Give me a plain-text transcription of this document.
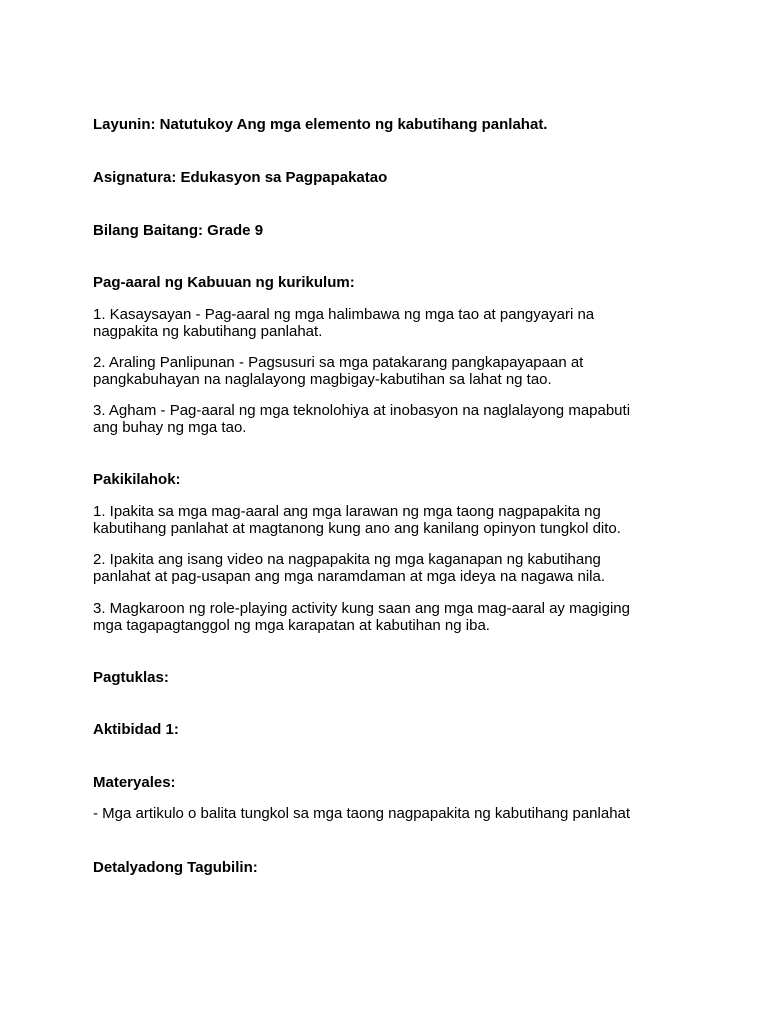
Layunin: Natutukoy Ang mga elemento ng kabutihang panlahat.

Asignatura: Edukasyon sa Pagpapakatao

Bilang Baitang: Grade 9

Pag-aaral ng Kabuuan ng kurikulum:

1. Kasaysayan - Pag-aaral ng mga halimbawa ng mga tao at pangyayari na
nagpakita ng kabutihang panlahat.

2. Araling Panlipunan - Pagsusuri sa mga patakarang pangkapayapaan at
pangkabuhayan na naglalayong magbigay-kabutihan sa lahat ng tao.

3. Agham - Pag-aaral ng mga teknolohiya at inobasyon na naglalayong mapabuti
ang buhay ng mga tao.

Pakikilahok:

1. Ipakita sa mga mag-aaral ang mga larawan ng mga taong nagpapakita ng
kabutihang panlahat at magtanong kung ano ang kanilang opinyon tungkol dito.

2. Ipakita ang isang video na nagpapakita ng mga kaganapan ng kabutihang
panlahat at pag-usapan ang mga naramdaman at mga ideya na nagawa nila.

3. Magkaroon ng role-playing activity kung saan ang mga mag-aaral ay magiging
mga tagapagtanggol ng mga karapatan at kabutihan ng iba.

Pagtuklas:

Aktibidad 1:

Materyales:

- Mga artikulo o balita tungkol sa mga taong nagpapakita ng kabutihang panlahat

Detalyadong Tagubilin:
